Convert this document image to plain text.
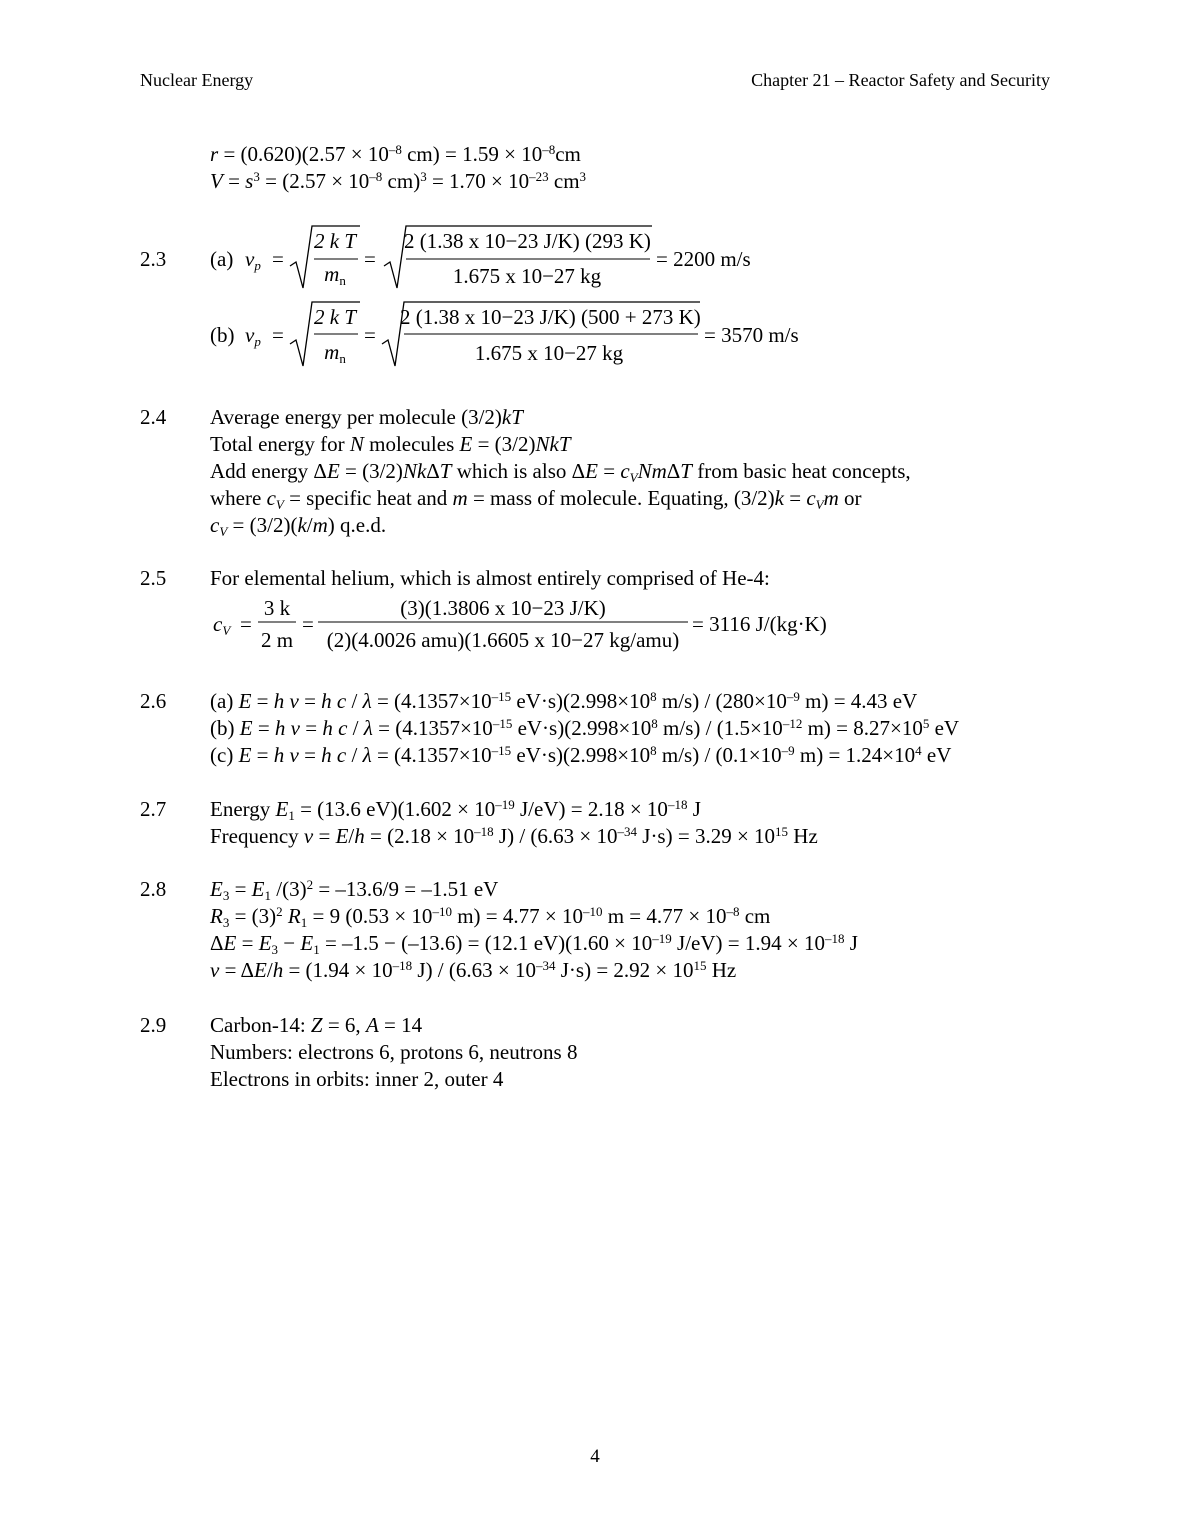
Nuclear Energy	Chapter 21 – Reactor Safety and Security
$r = (0.620)(2.57 \times 10^{-8}$ $cm) = 1.59 \times 10^{-8}cm$
$V = s^3 = (2.57 \times 10^{-8}$ $cm)^3 = 1.70 \times 10^{-23}$ $cm^3$
2.3 (a) $v_p$ =
2 k T
$m_n$
=
2 (1.38 x 10−23 J/K) (293 K)
1.675 x 10−27 kg
= 2200 m/s
(b) $v_p$ =
2 k T
$m_n$
=
2 (1.38 x 10−23 J/K) (500 + 273 K)
1.675 x 10−27 kg
= 3570 m/s
2.4 Average energy per molecule (3/2)kT
Total energy for N molecules E = (3/2)NkT
Add energy ΔE = (3/2)NkΔT which is also $\Delta E = c_VNm\Delta T$ from basic heat concepts,
where $c_V$ = specific heat and m = mass of molecule. Equating, $(3/2)k = c_Vm$ or
$c_V = (3/2)(k/m)$ q.e.d.
2.5 For elemental helium, which is almost entirely comprised of He-4:
$c_V$ =
3 k
2 m
=
(3)(1.3806 x 10−23 J/K)
(2)(4.0026 amu)(1.6605 x 10−27 kg/amu)
= 3116 J/(kg·K)
2.6 (a) E = h ν = h $c / \lambda = (4.1357\times 10^{-15}$ $eV\cdot s)(2.998\times 10^8$ $m/s) / (280\times 10^{-9}$ m) = 4.43 eV
(b) E = h ν = h $c / \lambda = (4.1357\times 10^{-15}$ $eV\cdot s)(2.998\times 10^8$ $m/s) / (1.5\times 10^{-12}$ $m) = 8.27\times 10^5$ eV
(c) E = h ν = h $c / \lambda = (4.1357\times 10^{-15}$ $eV\cdot s)(2.998\times 10^8$ $m/s) / (0.1\times 10^{-9}$ $m) = 1.24\times 10^4$ eV
2.7 Energy $E_1 = (13.6$ $eV)(1.602 \times 10^{-19}$ $J/eV) = 2.18 \times 10^{-18}$ J
Frequency $\nu = E/h = (2.18 \times 10^{-18}$ $J) / (6.63 \times 10^{-34}$ $J\cdot s) = 3.29 \times 10^{15}$ Hz
2.8 $E_3 = E_1$ $/(3)^2 = -13.6/9 = -1.51$ eV
$R_3 = (3)^2$ $R_1 = 9$ ($0.53 \times 10^{-10}$ $m) = 4.77 \times 10^{-10}$ $m = 4.77 \times 10^{-8}$ cm
$\Delta E = E_3 - E_1 = -1.5 - (-13.6) = (12.1$ $eV)(1.60 \times 10^{-19}$ $J/eV) = 1.94 \times 10^{-18}$ J
$\nu = \Delta E/h = (1.94 \times 10^{-18}$ $J) / (6.63 \times 10^{-34}$ $J\cdot s) = 2.92 \times 10^{15}$ Hz
2.9 Carbon-14: Z = 6, A = 14
Numbers: electrons 6, protons 6, neutrons 8
Electrons in orbits: inner 2, outer 4
4
